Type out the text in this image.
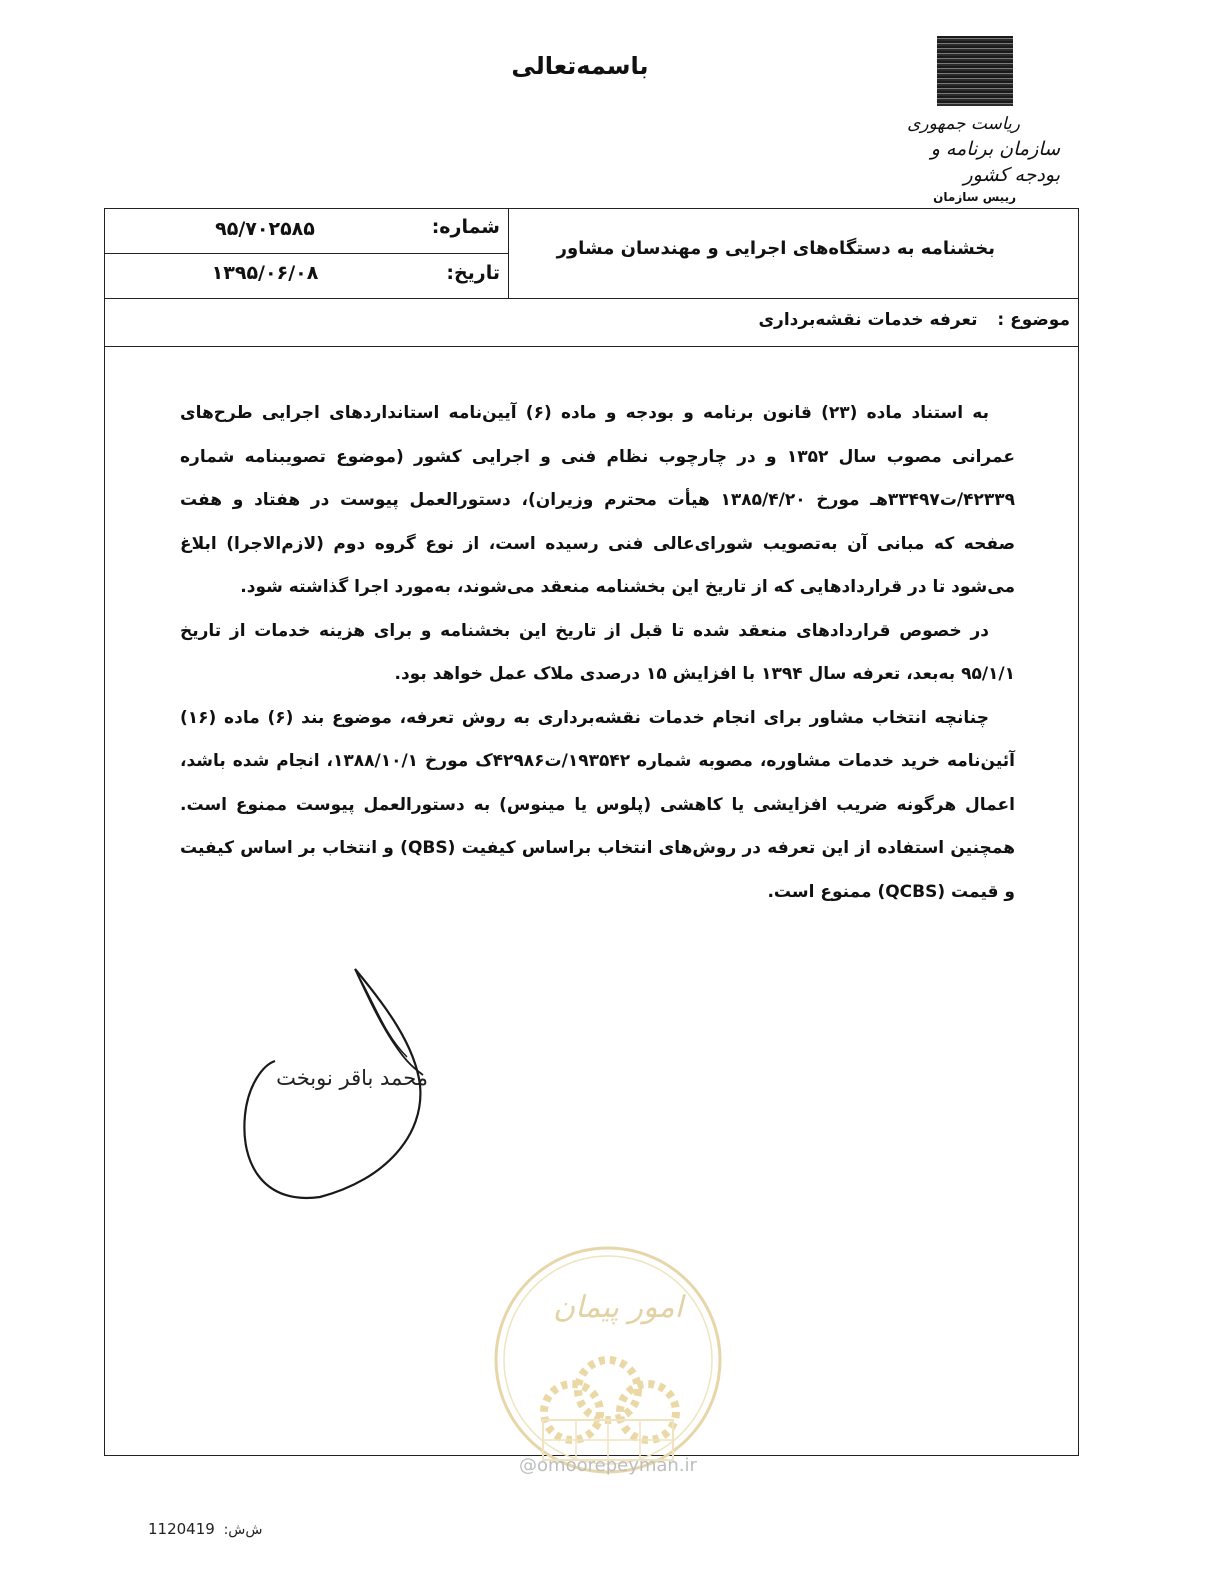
باسمه‌تعالی
ریاست جمهوری
سازمان برنامه و بودجه کشور
رییس سازمان
شماره:
۹۵/۷۰۲۵۸۵
تاریخ:
۱۳۹۵/۰۶/۰۸
بخشنامه به دستگاه‌های اجرایی و مهندسان مشاور
موضوع : تعرفه خدمات نقشه‌برداری

به استناد ماده (۲۳) قانون برنامه و بودجه و ماده (۶) آیین‌نامه استانداردهای اجرایی طرح‌های عمرانی مصوب سال ۱۳۵۲ و در چارچوب نظام فنی و اجرایی کشور (موضوع تصویبنامه شماره ۴۲۳۳۹/ت۳۳۴۹۷هـ مورخ ۱۳۸۵/۴/۲۰ هیأت محترم وزیران)، دستورالعمل پیوست در هفتاد و هفت صفحه که مبانی آن به‌تصویب شورای‌عالی فنی رسیده است، از نوع گروه دوم (لازم‌الاجرا) ابلاغ می‌شود تا در قراردادهایی که از تاریخ این بخشنامه منعقد می‌شوند، به‌مورد اجرا گذاشته شود.

در خصوص قراردادهای منعقد شده تا قبل از تاریخ این بخشنامه و برای هزینه خدمات از تاریخ ۹۵/۱/۱ به‌بعد، تعرفه سال ۱۳۹۴ با افزایش ۱۵ درصدی ملاک عمل خواهد بود.

چنانچه انتخاب مشاور برای انجام خدمات نقشه‌برداری به روش تعرفه، موضوع بند (۶) ماده (۱۶) آئین‌نامه خرید خدمات مشاوره، مصوبه شماره ۱۹۳۵۴۲/ت۴۲۹۸۶ک مورخ ۱۳۸۸/۱۰/۱، انجام شده باشد، اعمال هرگونه ضریب افزایشی یا کاهشی (پلوس یا مینوس) به دستورالعمل پیوست ممنوع است. همچنین استفاده از این تعرفه در روش‌های انتخاب براساس کیفیت (QBS) و انتخاب بر اساس کیفیت و قیمت (QCBS) ممنوع است.

محمد باقر نوبخت
امور پیمان
@omoorepeyman.ir
ش‌ش: 1120419
